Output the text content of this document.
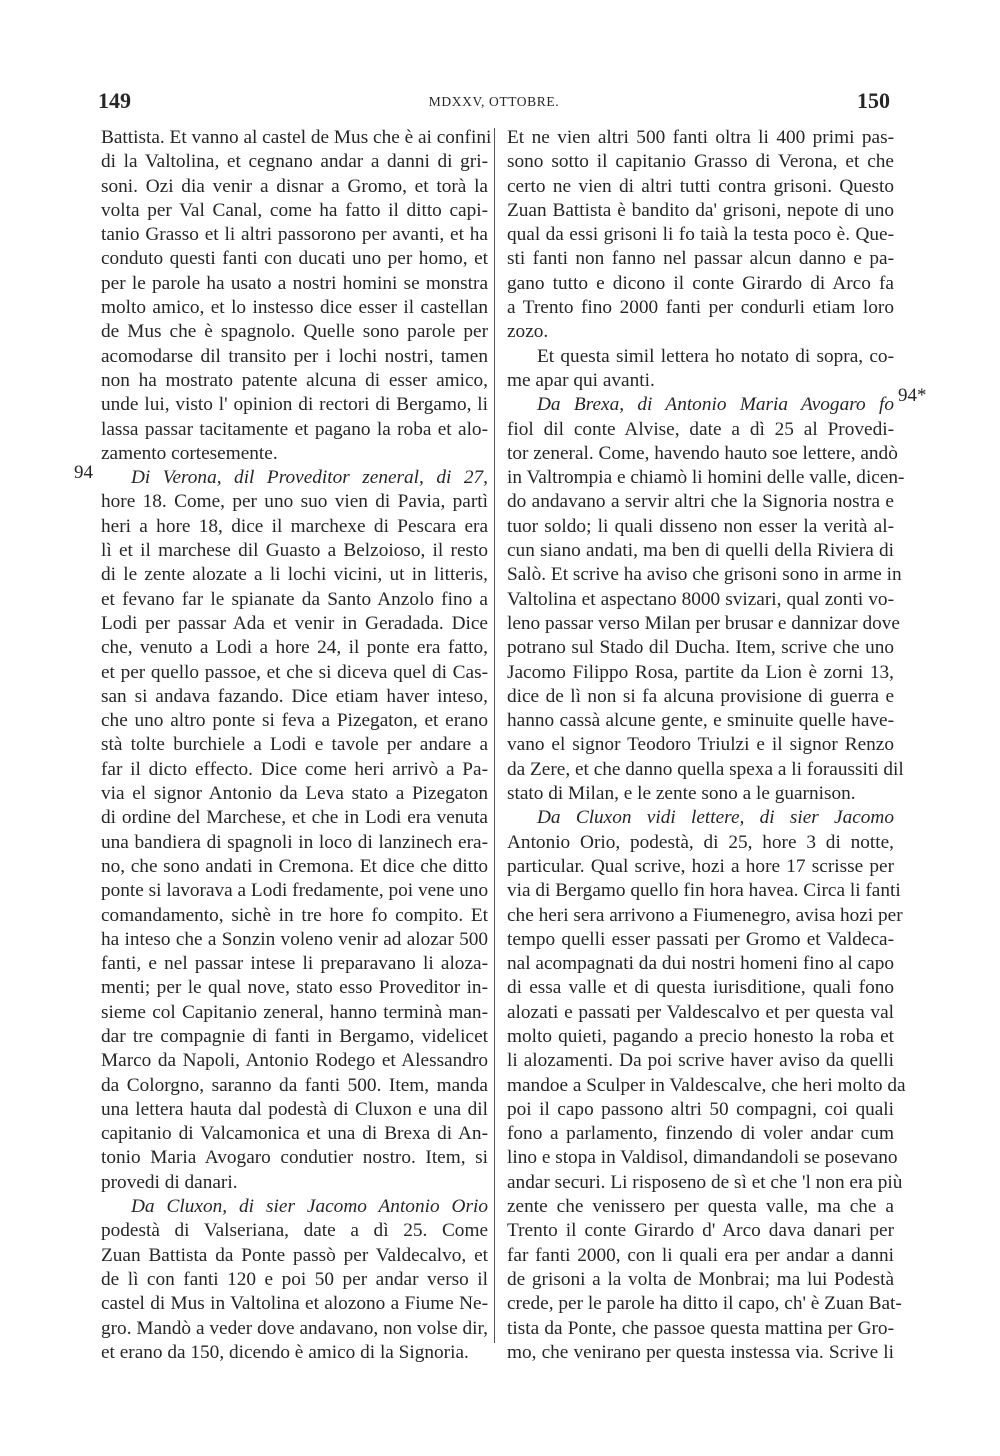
149	MDXXV, OTTOBRE.	150
94
94*
Battista. Et vanno al castel de Mus che è ai confini
di la Valtolina, et cegnano andar a danni di gri-
soni. Ozi dia venir a disnar a Gromo, et torà la
volta per Val Canal, come ha fatto il ditto capi-
tanio Grasso et li altri passorono per avanti, et ha
conduto questi fanti con ducati uno per homo, et
per le parole ha usato a nostri homini se monstra
molto amico, et lo instesso dice esser il castellan
de Mus che è spagnolo. Quelle sono parole per
acomodarse dil transito per i lochi nostri, tamen
non ha mostrato patente alcuna di esser amico,
unde lui, visto l' opinion di rectori di Bergamo, li
lassa passar tacitamente et pagano la roba et alo-
zamento cortesemente.
Di Verona, dil Proveditor zeneral, di 27,
hore 18. Come, per uno suo vien di Pavia, partì
heri a hore 18, dice il marchexe di Pescara era
lì et il marchese dil Guasto a Belzoioso, il resto
di le zente alozate a li lochi vicini, ut in litteris,
et fevano far le spianate da Santo Anzolo fino a
Lodi per passar Ada et venir in Geradada. Dice
che, venuto a Lodi a hore 24, il ponte era fatto,
et per quello passoe, et che si diceva quel di Cas-
san si andava fazando. Dice etiam haver inteso,
che uno altro ponte si feva a Pizegaton, et erano
stà tolte burchiele a Lodi e tavole per andare a
far il dicto effecto. Dice come heri arrivò a Pa-
via el signor Antonio da Leva stato a Pizegaton
di ordine del Marchese, et che in Lodi era venuta
una bandiera di spagnoli in loco di lanzinech era-
no, che sono andati in Cremona. Et dice che ditto
ponte si lavorava a Lodi fredamente, poi vene uno
comandamento, sichè in tre hore fo compito. Et
ha inteso che a Sonzin voleno venir ad alozar 500
fanti, e nel passar intese li preparavano li aloza-
menti; per le qual nove, stato esso Proveditor in-
sieme col Capitanio zeneral, hanno terminà man-
dar tre compagnie di fanti in Bergamo, videlicet
Marco da Napoli, Antonio Rodego et Alessandro
da Colorgno, saranno da fanti 500. Item, manda
una lettera hauta dal podestà di Cluxon e una dil
capitanio di Valcamonica et una di Brexa di An-
tonio Maria Avogaro condutier nostro. Item, si
provedi di danari.
Da Cluxon, di sier Jacomo Antonio Orio
podestà di Valseriana, date a dì 25. Come
Zuan Battista da Ponte passò per Valdecalvo, et
de lì con fanti 120 e poi 50 per andar verso il
castel di Mus in Valtolina et alozono a Fiume Ne-
gro. Mandò a veder dove andavano, non volse dir,
et erano da 150, dicendo è amico di la Signoria.
Et ne vien altri 500 fanti oltra li 400 primi pas-
sono sotto il capitanio Grasso di Verona, et che
certo ne vien di altri tutti contra grisoni. Questo
Zuan Battista è bandito da' grisoni, nepote di uno
qual da essi grisoni li fo taià la testa poco è. Que-
sti fanti non fanno nel passar alcun danno e pa-
gano tutto e dicono il conte Girardo di Arco fa
a Trento fino 2000 fanti per condurli etiam loro
zozo.
Et questa simil lettera ho notato di sopra, co-
me apar qui avanti.
Da Brexa, di Antonio Maria Avogaro fo
fiol dil conte Alvise, date a dì 25 al Provedi-
tor zeneral. Come, havendo hauto soe lettere, andò
in Valtrompia e chiamò li homini delle valle, dicen-
do andavano a servir altri che la Signoria nostra e
tuor soldo; li quali disseno non esser la verità al-
cun siano andati, ma ben di quelli della Riviera di
Salò. Et scrive ha aviso che grisoni sono in arme in
Valtolina et aspectano 8000 svizari, qual zonti vo-
leno passar verso Milan per brusar e dannizar dove
potrano sul Stado dil Ducha. Item, scrive che uno
Jacomo Filippo Rosa, partite da Lion è zorni 13,
dice de lì non si fa alcuna provisione di guerra e
hanno cassà alcune gente, e sminuite quelle have-
vano el signor Teodoro Triulzi e il signor Renzo
da Zere, et che danno quella spexa a li foraussiti dil
stato di Milan, e le zente sono a le guarnison.
Da Cluxon vidi lettere, di sier Jacomo
Antonio Orio, podestà, di 25, hore 3 di notte,
particular. Qual scrive, hozi a hore 17 scrisse per
via di Bergamo quello fin hora havea. Circa li fanti
che heri sera arrivono a Fiumenegro, avisa hozi per
tempo quelli esser passati per Gromo et Valdeca-
nal acompagnati da dui nostri homeni fino al capo
di essa valle et di questa iurisditione, quali fono
alozati e passati per Valdescalvo et per questa val
molto quieti, pagando a precio honesto la roba et
li alozamenti. Da poi scrive haver aviso da quelli
mandoe a Sculper in Valdescalve, che heri molto da
poi il capo passono altri 50 compagni, coi quali
fono a parlamento, finzendo di voler andar cum
lino e stopa in Valdisol, dimandandoli se posevano
andar securi. Li risposeno de sì et che 'l non era più
zente che venissero per questa valle, ma che a
Trento il conte Girardo d' Arco dava danari per
far fanti 2000, con li quali era per andar a danni
de grisoni a la volta de Monbrai; ma lui Podestà
crede, per le parole ha ditto il capo, ch' è Zuan Bat-
tista da Ponte, che passoe questa mattina per Gro-
mo, che venirano per questa instessa via. Scrive li
